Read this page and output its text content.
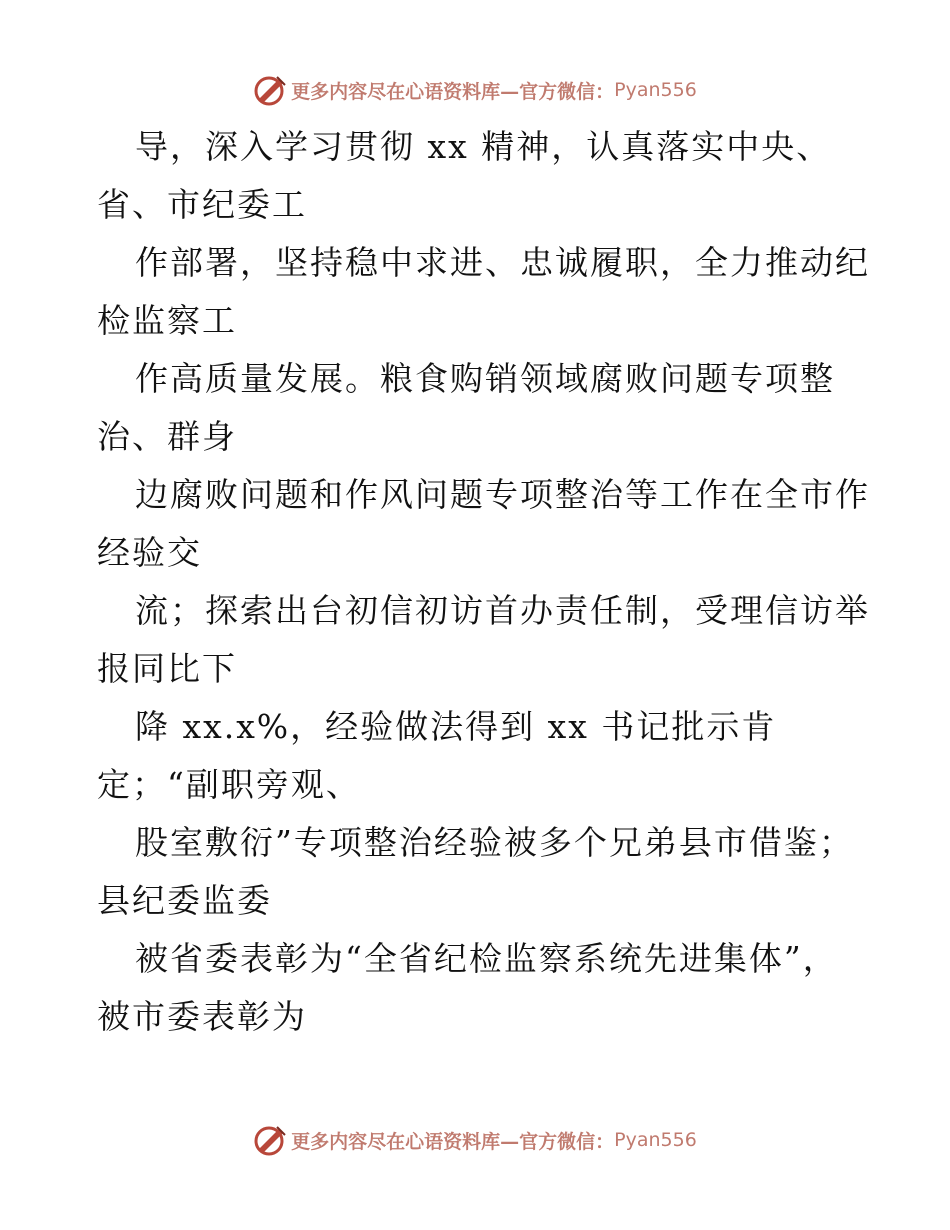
更多内容尽在心语资料库—官方微信： Pyan556
导，深入学习贯彻 xx 精神，认真落实中央、
省、市纪委工
作部署，坚持稳中求进、忠诚履职，全力推动纪
检监察工
作高质量发展。粮食购销领域腐败问题专项整
治、群身
边腐败问题和作风问题专项整治等工作在全市作
经验交
流；探索出台初信初访首办责任制，受理信访举
报同比下
降 xx.x%，经验做法得到 xx 书记批示肯
定；“副职旁观、
股室敷衍”专项整治经验被多个兄弟县市借鉴；
县纪委监委
被省委表彰为“全省纪检监察系统先进集体”，
被市委表彰为
更多内容尽在心语资料库—官方微信： Pyan556
